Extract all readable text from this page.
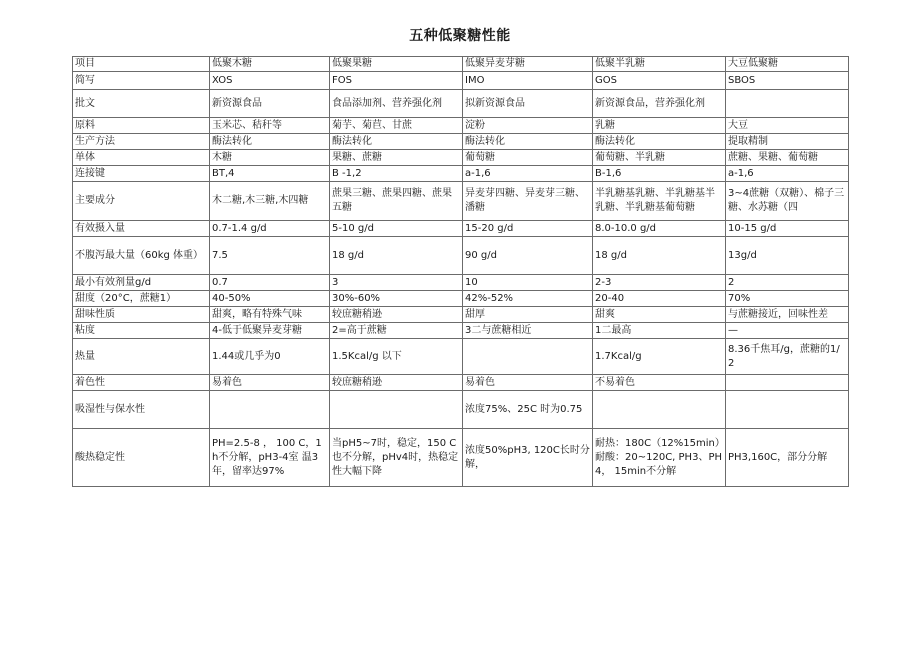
五种低聚糖性能
项目	低聚木糖	低聚果糖	低聚异麦芽糖	低聚半乳糖	大豆低聚糖
简写	XOS	FOS	IMO	GOS	SBOS
批文	新资源食品	食品添加剂、营养强化剂	拟新资源食品	新资源食品，营养强化剂	
原料	玉米芯、秸秆等	菊芋、菊苣、甘蔗	淀粉	乳糖	大豆
生产方法	酶法转化	酶法转化	酶法转化	酶法转化	提取精制
单体	木糖	果糖、蔗糖	葡萄糖	葡萄糖、半乳糖	蔗糖、果糖、葡萄糖
连接键	BT,4	B -1,2	a-1,6	B-1,6	a-1,6
主要成分	木二糖,木三糖,木四糖	蔗果三糖、蔗果四糖、蔗果五糖	异麦芽四糖、异麦芽三糖、潘糖	半乳糖基乳糖、半乳糖基半乳糖、半乳糖基葡萄糖	3~4蔗糖（双糖）、棉子三糖、水苏糖（四
有效摄入量	0.7-1.4 g/d	5-10 g/d	15-20 g/d	8.0-10.0 g/d	10-15 g/d
不腹泻最大量（60kg 体重）	7.5	18 g/d	90 g/d	18 g/d	13g/d
最小有效剂量g/d	0.7	3	10	2-3	2
甜度（20°C，蔗糖1）	40-50%	30%-60%	42%-52%	20-40	70%
甜味性质	甜爽，略有特殊气味	较庶糖稍逊	甜厚	甜爽	与蔗糖接近，回味性差
粘度	4-低于低聚异麦芽糖	2=高于蔗糖	3二与蔗糖相近	1二最高	—
热量	1.44或几乎为0	1.5Kcal/g 以下		1.7Kcal/g	8.36千焦耳/g，蔗糖的1/2
着色性	易着色	较庶糖稍逊	易着色	不易着色	
吸湿性与保水性			浓度75%、25C 时为0.75		
酸热稳定性	PH=2.5-8 ， 100 C，1h不分解，pH3-4室 温3年，留率达97%	当pH5~7时，稳定，150 C也不分解，pHv4时，热稳定性大幅下降	浓度50%pH3, 120C长时分解，	耐热：180C（12%15min）耐酸：20~120C, PH3、PH4， 15min不分解	PH3,160C，部分分解
